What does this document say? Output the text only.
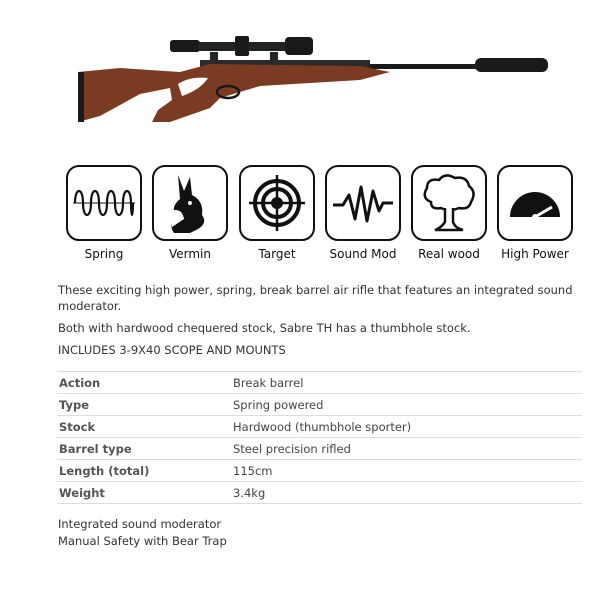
Spring	Vermin	Target	Sound Mod	Real wood	High Power

These exciting high power, spring, break barrel air rifle that features an integrated sound moderator.

Both with hardwood chequered stock, Sabre TH has a thumbhole stock.

INCLUDES 3-9X40 SCOPE AND MOUNTS

Action	Break barrel
Type	Spring powered
Stock	Hardwood (thumbhole sporter)
Barrel type	Steel precision rifled
Length (total)	115cm
Weight	3.4kg
Integrated sound moderator
Manual Safety with Bear Trap
